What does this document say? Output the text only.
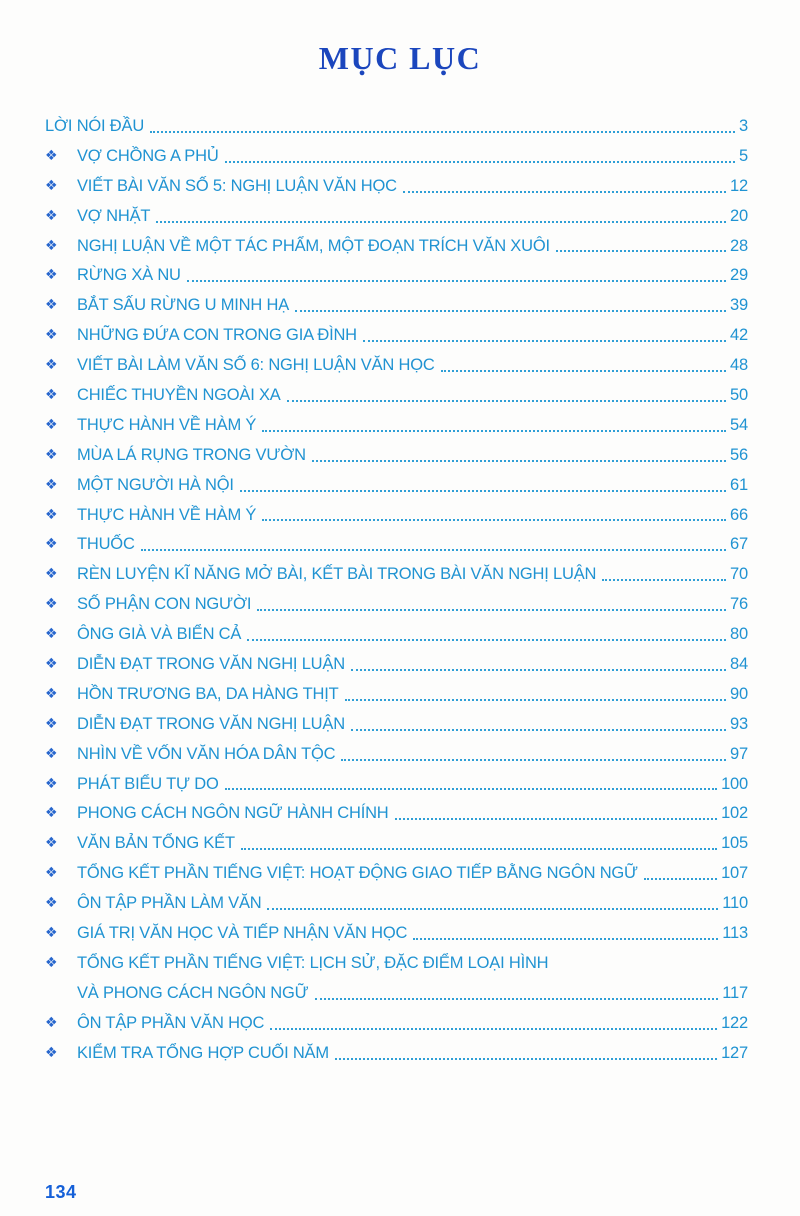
MỤC LỤC
LỜI NÓI ĐẦU	3
❖	VỢ CHỒNG A PHỦ	5
❖	VIẾT BÀI VĂN SỐ 5: NGHỊ LUẬN VĂN HỌC	12
❖	VỢ NHẶT	20
❖	NGHỊ LUẬN VỀ MỘT TÁC PHẨM, MỘT ĐOẠN TRÍCH VĂN XUÔI	28
❖	RỪNG XÀ NU	29
❖	BẮT SẤU RỪNG U MINH HẠ	39
❖	NHỮNG ĐỨA CON TRONG GIA ĐÌNH	42
❖	VIẾT BÀI LÀM VĂN SỐ 6: NGHỊ LUẬN VĂN HỌC	48
❖	CHIẾC THUYỀN NGOÀI XA	50
❖	THỰC HÀNH VỀ HÀM Ý	54
❖	MÙA LÁ RỤNG TRONG VƯỜN	56
❖	MỘT NGƯỜI HÀ NỘI	61
❖	THỰC HÀNH VỀ HÀM Ý	66
❖	THUỐC	67
❖	RÈN LUYỆN KĨ NĂNG MỞ BÀI, KẾT BÀI TRONG BÀI VĂN NGHỊ LUẬN	70
❖	SỐ PHẬN CON NGƯỜI	76
❖	ÔNG GIÀ VÀ BIỂN CẢ	80
❖	DIỄN ĐẠT TRONG VĂN NGHỊ LUẬN	84
❖	HỒN TRƯƠNG BA, DA HÀNG THỊT	90
❖	DIỄN ĐẠT TRONG VĂN NGHỊ LUẬN	93
❖	NHÌN VỀ VỐN VĂN HÓA DÂN TỘC	97
❖	PHÁT BIỂU TỰ DO	100
❖	PHONG CÁCH NGÔN NGỮ HÀNH CHÍNH	102
❖	VĂN BẢN TỔNG KẾT	105
❖	TỔNG KẾT PHẦN TIẾNG VIỆT: HOẠT ĐỘNG GIAO TIẾP BẰNG NGÔN NGỮ	107
❖	ÔN TẬP PHẦN LÀM VĂN	110
❖	GIÁ TRỊ VĂN HỌC VÀ TIẾP NHẬN VĂN HỌC	113
❖	TỔNG KẾT PHẦN TIẾNG VIỆT: LỊCH SỬ, ĐẶC ĐIỂM LOẠI HÌNH
VÀ PHONG CÁCH NGÔN NGỮ	117
❖	ÔN TẬP PHẦN VĂN HỌC	122
❖	KIỂM TRA TỔNG HỢP CUỐI NĂM	127
134
